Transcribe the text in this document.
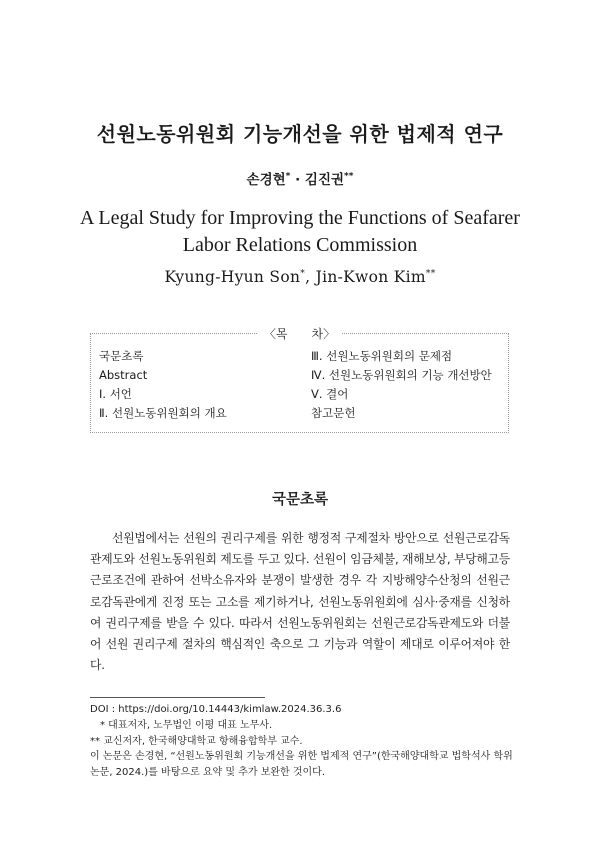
선원노동위원회 기능개선을 위한 법제적 연구
손경현* · 김진권**
A Legal Study for Improving the Functions of Seafarer Labor Relations Commission
Kyung-Hyun Son*, Jin-Kwon Kim**
〈목　　차〉
국문초록
Abstract
Ⅰ. 서언
Ⅱ. 선원노동위원회의 개요
Ⅲ. 선원노동위원회의 문제점
Ⅳ. 선원노동위원회의 기능 개선방안
Ⅴ. 결어
참고문헌
국문초록

선원법에서는 선원의 권리구제를 위한 행정적 구제절차 방안으로 선원근로감독관제도와 선원노동위원회 제도를 두고 있다. 선원이 임금체불, 재해보상, 부당해고등 근로조건에 관하여 선박소유자와 분쟁이 발생한 경우 각 지방해양수산청의 선원근로감독관에게 진정 또는 고소를 제기하거나, 선원노동위원회에 심사·중재를 신청하여 권리구제를 받을 수 있다. 따라서 선원노동위원회는 선원근로감독관제도와 더불어 선원 권리구제 절차의 핵심적인 축으로 그 기능과 역할이 제대로 이루어져야 한다.

DOI : https://doi.org/10.14443/kimlaw.2024.36.3.6
* 대표저자, 노무법인 이평 대표 노무사.
** 교신저자, 한국해양대학교 항해융합학부 교수.
이 논문은 손경현, “선원노동위원회 기능개선을 위한 법제적 연구”(한국해양대학교 법학석사 학위논문, 2024.)를 바탕으로 요약 및 추가 보완한 것이다.
